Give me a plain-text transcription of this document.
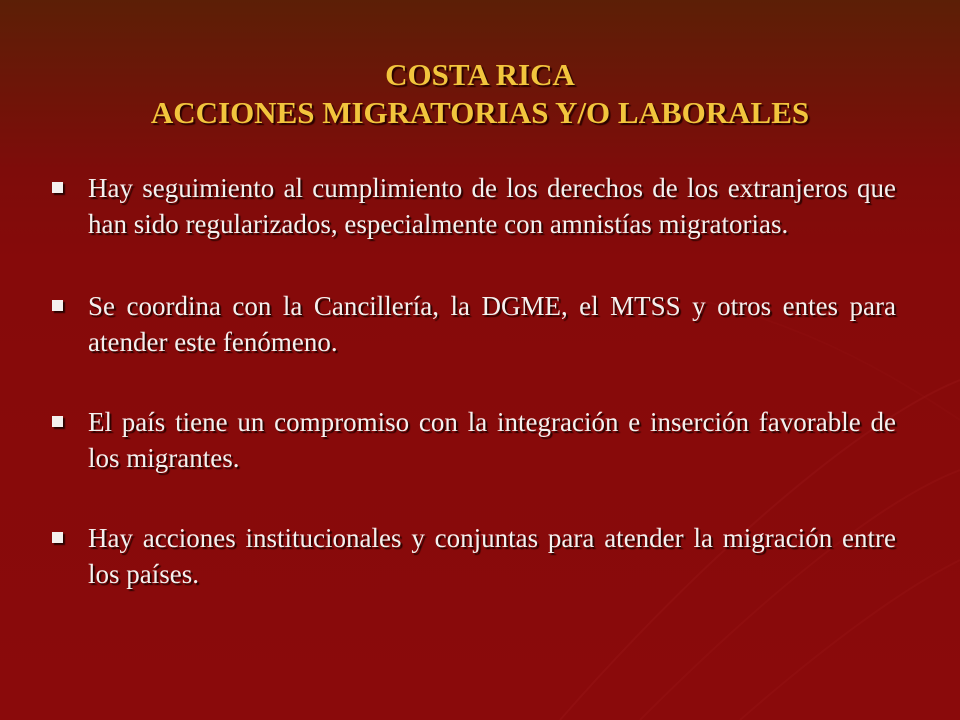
COSTA RICA
ACCIONES MIGRATORIAS Y/O LABORALES
Hay seguimiento al cumplimiento de los derechos de los extranjeros que han sido regularizados, especialmente con amnistías migratorias.
Se coordina con la Cancillería, la DGME, el MTSS y otros entes para atender este fenómeno.
El país tiene un compromiso con la integración e inserción favorable de los migrantes.
Hay acciones institucionales y conjuntas para atender la migración entre los países.
